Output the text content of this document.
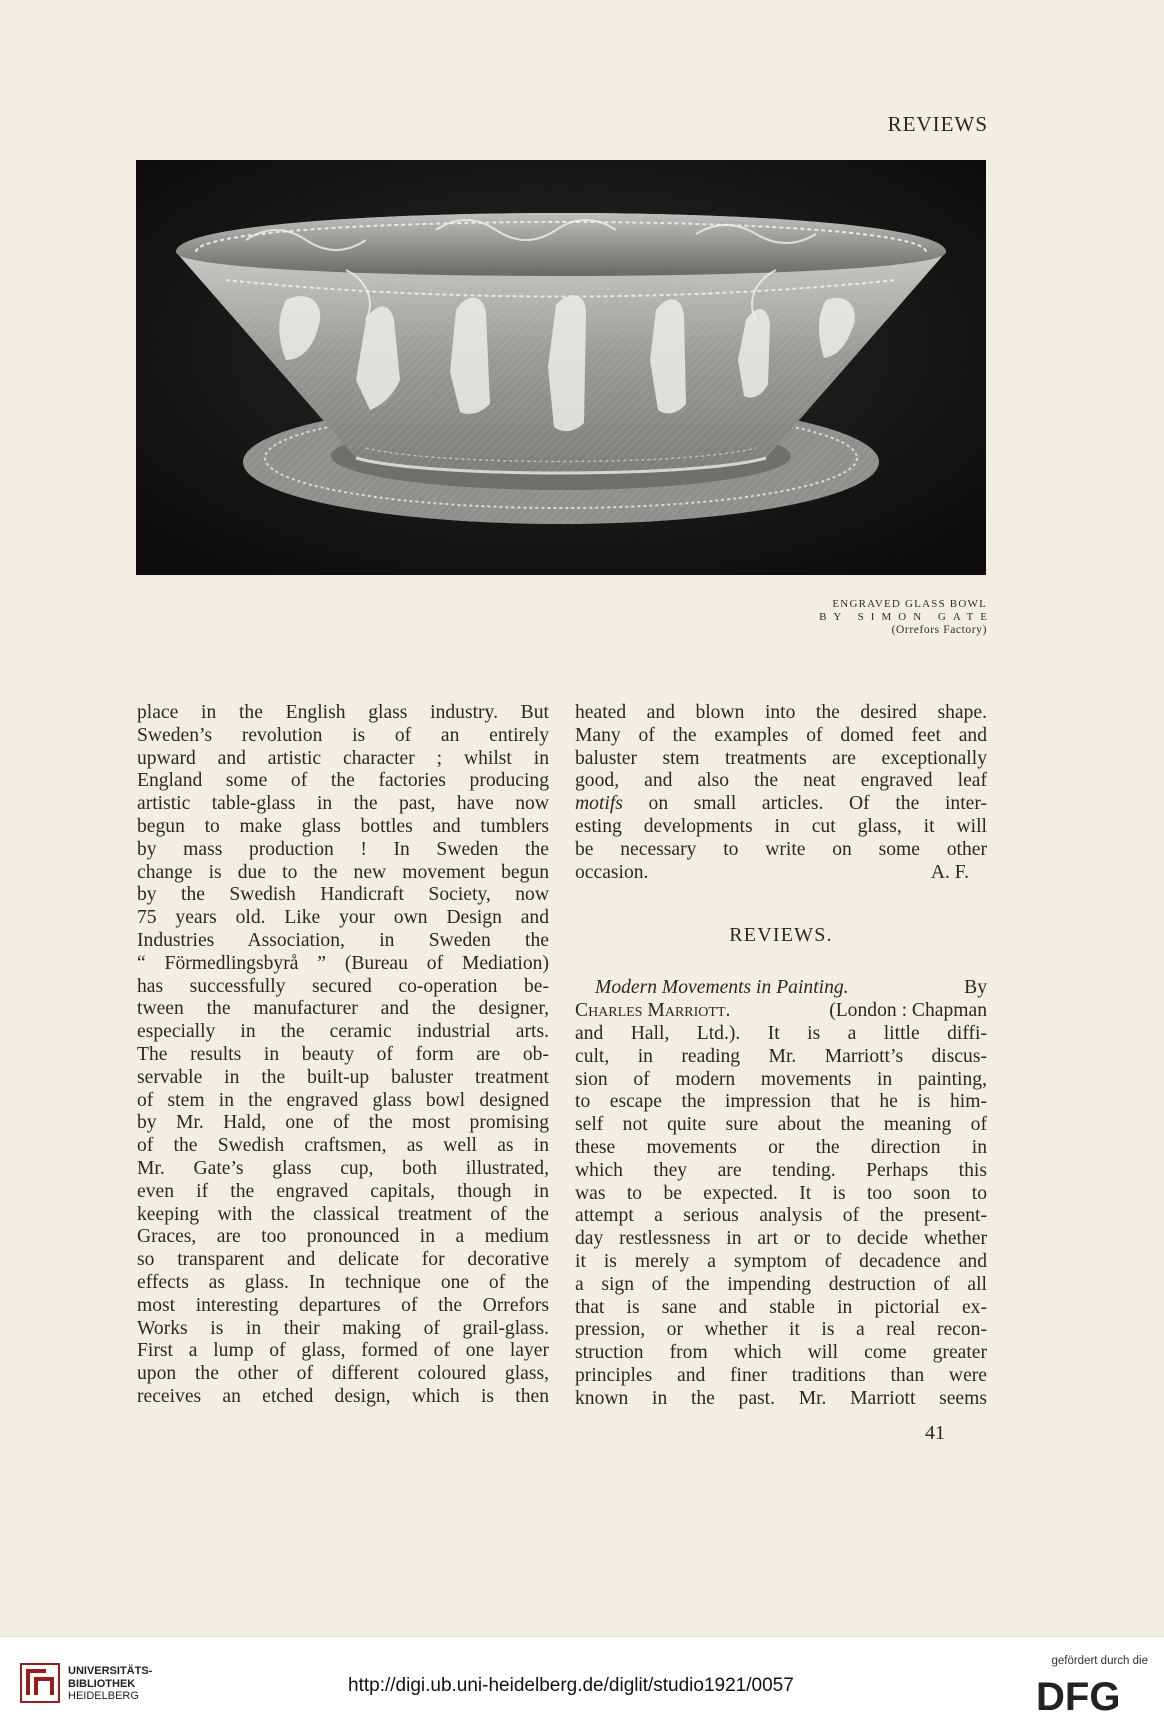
REVIEWS
ENGRAVED GLASS BOWL
BY SIMON GATE
(Orrefors Factory)
place in the English glass industry. But
Sweden’s revolution is of an entirely
upward and artistic character ; whilst in
England some of the factories producing
artistic table-glass in the past, have now
begun to make glass bottles and tumblers
by mass production ! In Sweden the
change is due to the new movement begun
by the Swedish Handicraft Society, now
75 years old. Like your own Design and
Industries Association, in Sweden the
“ Förmedlingsbyrå ” (Bureau of Mediation)
has successfully secured co-operation be-
tween the manufacturer and the designer,
especially in the ceramic industrial arts.
The results in beauty of form are ob-
servable in the built-up baluster treatment
of stem in the engraved glass bowl designed
by Mr. Hald, one of the most promising
of the Swedish craftsmen, as well as in
Mr. Gate’s glass cup, both illustrated,
even if the engraved capitals, though in
keeping with the classical treatment of the
Graces, are too pronounced in a medium
so transparent and delicate for decorative
effects as glass. In technique one of the
most interesting departures of the Orrefors
Works is in their making of grail-glass.
First a lump of glass, formed of one layer
upon the other of different coloured glass,
receives an etched design, which is then
heated and blown into the desired shape.
Many of the examples of domed feet and
baluster stem treatments are exceptionally
good, and also the neat engraved leaf
motifs on small articles. Of the inter-
esting developments in cut glass, it will
be necessary to write on some other
occasion.	A. F.
REVIEWS.
Modern Movements in Painting.	By
Charles Marriott.	(London : Chapman
and Hall, Ltd.). It is a little diffi-
cult, in reading Mr. Marriott’s discus-
sion of modern movements in painting,
to escape the impression that he is him-
self not quite sure about the meaning of
these movements or the direction in
which they are tending. Perhaps this
was to be expected. It is too soon to
attempt a serious analysis of the present-
day restlessness in art or to decide whether
it is merely a symptom of decadence and
a sign of the impending destruction of all
that is sane and stable in pictorial ex-
pression, or whether it is a real recon-
struction from which will come greater
principles and finer traditions than were
known in the past. Mr. Marriott seems
41
UNIVERSITÄTS-
BIBLIOTHEK
HEIDELBERG	http://digi.ub.uni-heidelberg.de/diglit/studio1921/0057
gefördert durch die
DFG
